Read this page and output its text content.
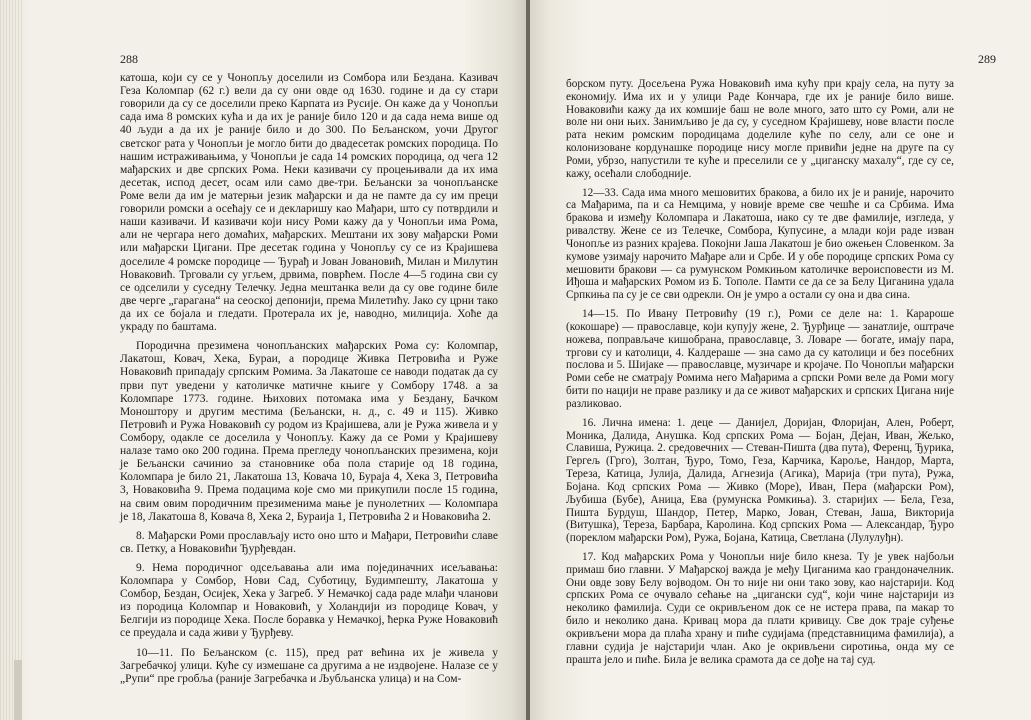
288	289

катоша, који су се у Чонопљу доселили из Сомбора или Бездана. Казивач Геза Коломпар (62 г.) вели да су они овде од 1630. године и да су стари говорили да су се доселили преко Карпата из Русије. Он каже да у Чонопљи сада има 8 ромских кућа и да их је раније било 120 и да сада нема више од 40 људи а да их је раније било и до 300. По Бељанском, уочи Другог светског рата у Чонопљи је могло бити до двадесетак ромских породица. По нашим истраживањима, у Чонопљи је сада 14 ромских породица, од чега 12 мађарских и две српских Рома. Неки казивачи су процењивали да их има десетак, испод десет, осам или само две-три. Бељански за чонопљанске Роме вели да им је матерњи језик мађарски и да не памте да су им преци говорили ромски а осећају се и декларишу као Мађари, што су потврдили и наши казивачи. И казивачи који нису Роми кажу да у Чонопљи има Рома, али не чергара него домаћих, мађарских. Мештани их зову мађарски Роми или мађарски Цигани. Пре десетак година у Чонопљу су се из Крајишева доселиле 4 ромске породице — Ђурађ и Јован Јовановић, Милан и Милутин Новаковић. Трговали су угљем, дрвима, поврћем. После 4—5 година сви су се одселили у суседну Телечку. Једна мештанка вели да су ове године биле две черге „гарагана“ на сеоској депонији, према Милетићу. Јако су црни тако да их се бојала и гледати. Протерала их је, наводно, милиција. Хоће да украду по баштама.

Породична презимена чонопљанских мађарских Рома су: Коломпар, Лакатош, Ковач, Хека, Бураи, а породице Живка Петровића и Руже Новаковић припадају српским Ромима. За Лакатоше се наводи податак да су први пут уведени у католичке матичне књиге у Сомбору 1748. а за Коломпаре 1773. године. Њихових потомака има у Бездану, Бачком Моноштору и другим местима (Бељански, н. д., с. 49 и 115). Живко Петровић и Ружа Новаковић су родом из Крајишева, али је Ружа живела и у Сомбору, одакле се доселила у Чонопљу. Кажу да се Роми у Крајишеву налазе тамо око 200 година. Према прегледу чонопљанских презимена, који је Бељански сачинио за становнике оба пола старије од 18 година, Коломпара је било 21, Лакатоша 13, Ковача 10, Бураја 4, Хека 3, Петровића 3, Новаковића 9. Према подацима које смо ми прикупили после 15 година, на свим овим породичним презименима мање је пунолетних — Коломпара је 18, Лакатоша 8, Ковача 8, Хека 2, Бураија 1, Петровића 2 и Новаковића 2.

8. Мађарски Роми прослављају исто оно што и Мађари, Петровићи славе св. Петку, а Новаковићи Ђурђевдан.

9. Нема породичног одсељавања али има појединачних исељавања: Коломпара у Сомбор, Нови Сад, Суботицу, Будимпешту, Лакатоша у Сомбор, Бездан, Осијек, Хека у Загреб. У Немачкој сада раде млађи чланови из породица Коломпар и Новаковић, у Холандији из породице Ковач, у Белгији из породице Хека. После боравка у Немачкој, ћерка Руже Новаковић се преудала и сада живи у Ђурђеву.

10—11. По Бељанском (с. 115), пред рат већина их је живела у Загребачкој улици. Куће су измешане са другима а не издвојене. Налазе се у „Рупи“ пре гробља (раније Загребачка и Љубљанска улица) и на Сом-

борском путу. Досељена Ружа Новаковић има кућу при крају села, на путу за економију. Има их и у улици Раде Кончара, где их је раније било више. Новаковићи кажу да их комшије баш не воле много, зато што су Роми, али не воле ни они њих. Занимљиво је да су, у суседном Крајишеву, нове власти после рата неким ромским породицама доделиле куће по селу, али се оне и колонизоване кордунашке породице нису могле привићи једне на друге па су Роми, убрзо, напустили те куће и преселили се у „циганску махалу“, где су се, кажу, осећали слободније.

12—33. Сада има много мешовитих бракова, а било их је и раније, нарочито са Мађарима, па и са Немцима, у новије време све чешће и са Србима. Има бракова и између Коломпара и Лакатоша, иако су те две фамилије, изгледа, у ривалству. Жене се из Телечке, Сомбора, Купусине, а млади који раде изван Чонопље из разних крајева. Покојни Јаша Лакатош је био ожењен Словенком. За кумове узимају нарочито Мађаре али и Србе. И у обе породице српских Рома су мешовити бракови — са румунском Ромкињом католичке вероисповести из М. Иђоша и мађарских Ромом из Б. Тополе. Памти се да се за Белу Циганина удала Српкиња па су је се сви одрекли. Он је умро а остали су она и два сина.

14—15. По Ивану Петровићу (19 г.), Роми се деле на: 1. Карароше (кокошаре) — православце, који купују жене, 2. Ђурђице — занатлије, оштраче ножева, поправљаче кишобрана, православце, 3. Ловаре — богате, имају пара, тргови су и католици, 4. Калдераше — зна само да су католици и без посебних послова и 5. Шијаке — православце, музичаре и кројаче. По Чонопљи мађарски Роми себе не сматрају Ромима него Мађарима а српски Роми веле да Роми могу бити по нацији не праве разлику и да се живот мађарских и српских Цигана није разликовао.

16. Лична имена: 1. деце — Данијел, Доријан, Флоријан, Ален, Роберт, Моника, Далида, Анушка. Код српских Рома — Бојан, Дејан, Иван, Жељко, Славиша, Ружица. 2. средовечних — Стеван-Пишта (два пута), Ференц, Ђурика, Гергељ (Грго), Золтан, Ђуро, Томо, Геза, Карчика, Кароље, Нандор, Марта, Тереза, Катица, Јулија, Далида, Агнезија (Агика), Марија (три пута), Ружа, Бојана. Код српских Рома — Живко (Море), Иван, Пера (мађарски Ром), Љубиша (Бубе), Аница, Ева (румунска Ромкиња). 3. старијих — Бела, Геза, Пишта Бурдуш, Шандор, Петер, Марко, Јован, Стеван, Јаша, Викторија (Витушка), Тереза, Барбара, Каролина. Код српских Рома — Александар, Ђуро (пореклом мађарски Ром), Ружа, Бојана, Катица, Светлана (Лулулуђн).

17. Код мађарских Рома у Чонопљи није било кнеза. Ту је увек најбољи примаш био главни. У Мађарској важда је међу Циганима као грандоначелник. Они овде зову Белу војводом. Он то није ни они тако зову, као најстарији. Код српских Рома се очувало сећање на „цигански суд“, који чине најстарији из неколико фамилија. Суди се окривљеном док се не истера права, па макар то било и неколико дана. Кривац мора да плати кривицу. Све док траје суђење окривљени мора да плаћа храну и пиће судијама (представницима фамилија), а главни судија је најстарији члан. Ако је окривљени сиротиња, онда му се прашта јело и пиће. Била је велика срамота да се дође на тај суд.
